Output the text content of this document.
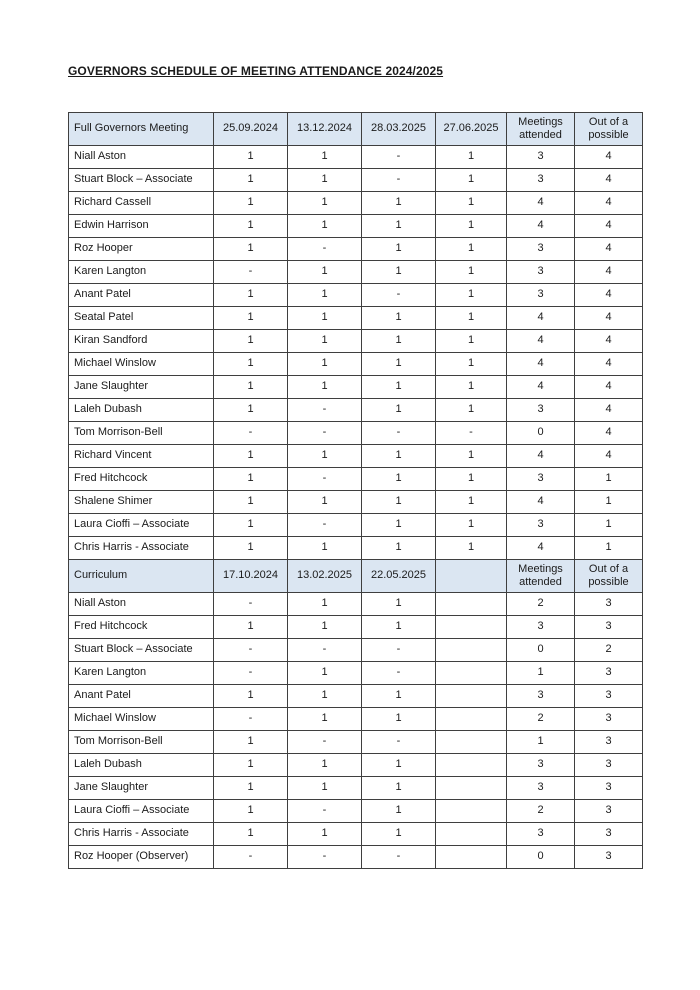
GOVERNORS SCHEDULE OF MEETING ATTENDANCE 2024/2025
Full Governors Meeting	25.09.2024	13.12.2024	28.03.2025	27.06.2025	Meetings attended	Out of a possible
Niall Aston	1	1	-	1	3	4
Stuart Block – Associate	1	1	-	1	3	4
Richard Cassell	1	1	1	1	4	4
Edwin Harrison	1	1	1	1	4	4
Roz Hooper	1	-	1	1	3	4
Karen Langton	-	1	1	1	3	4
Anant Patel	1	1	-	1	3	4
Seatal Patel	1	1	1	1	4	4
Kiran Sandford	1	1	1	1	4	4
Michael Winslow	1	1	1	1	4	4
Jane Slaughter	1	1	1	1	4	4
Laleh Dubash	1	-	1	1	3	4
Tom Morrison-Bell	-	-	-	-	0	4
Richard Vincent	1	1	1	1	4	4
Fred Hitchcock	1	-	1	1	3	1
Shalene Shimer	1	1	1	1	4	1
Laura Cioffi – Associate	1	-	1	1	3	1
Chris Harris - Associate	1	1	1	1	4	1
Curriculum	17.10.2024	13.02.2025	22.05.2025		Meetings attended	Out of a possible
Niall Aston	-	1	1		2	3
Fred Hitchcock	1	1	1		3	3
Stuart Block – Associate	-	-	-		0	2
Karen Langton	-	1	-		1	3
Anant Patel	1	1	1		3	3
Michael Winslow	-	1	1		2	3
Tom Morrison-Bell	1	-	-		1	3
Laleh Dubash	1	1	1		3	3
Jane Slaughter	1	1	1		3	3
Laura Cioffi – Associate	1	-	1		2	3
Chris Harris - Associate	1	1	1		3	3
Roz Hooper (Observer)	-	-	-		0	3
